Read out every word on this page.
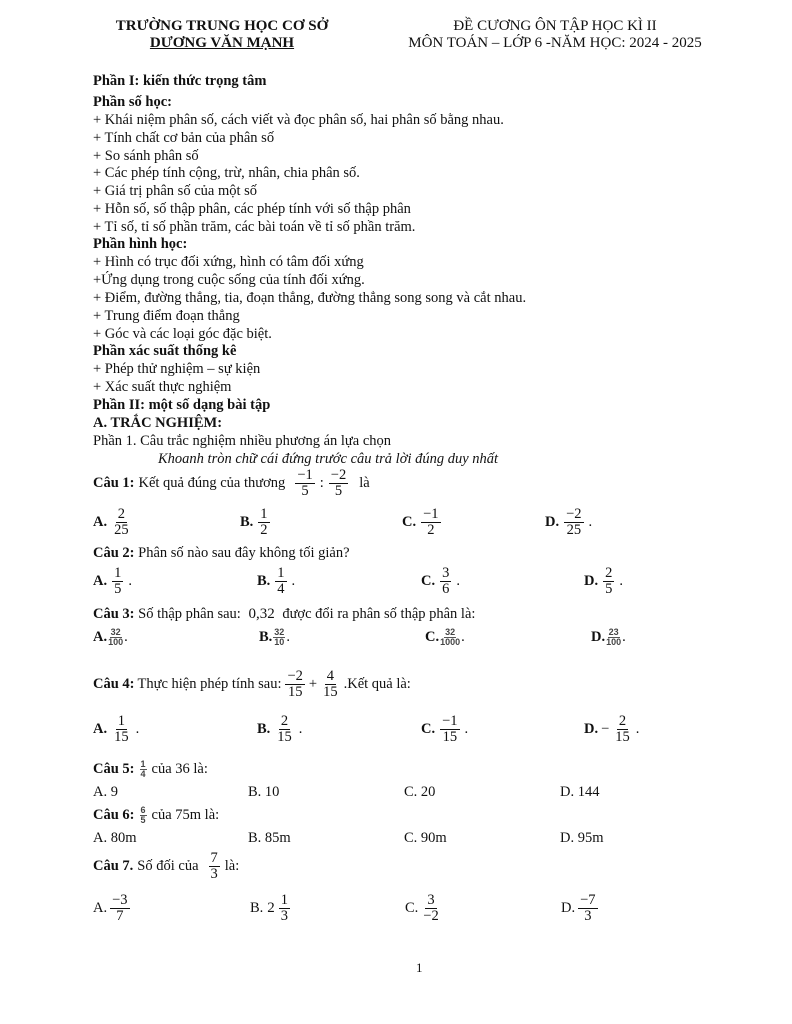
TRƯỜNG TRUNG HỌC CƠ SỞ
DƯƠNG VĂN MẠNH
ĐỀ CƯƠNG ÔN TẬP HỌC KÌ II
MÔN TOÁN – LỚP 6 -NĂM HỌC: 2024 - 2025
Phần I: kiến thức trọng tâm
Phần số học:
+ Khái niệm phân số, cách viết và đọc phân số, hai phân số bằng nhau.
+ Tính chất cơ bản của phân số
+ So sánh phân số
+ Các phép tính cộng, trừ, nhân, chia phân số.
+ Giá trị phân số của một số
+ Hỗn số, số thập phân, các phép tính với số thập phân
+ Tỉ số, tỉ số phần trăm, các bài toán về tỉ số phần trăm.
Phần hình học:
+ Hình có trục đối xứng, hình có tâm đối xứng
+Ứng dụng trong cuộc sống của tính đối xứng.
+ Điểm, đường thẳng, tia, đoạn thẳng, đường thẳng song song và cắt nhau.
+ Trung điểm đoạn thẳng
+ Góc và các loại góc đặc biệt.
Phần xác suất thống kê
+ Phép thử nghiệm – sự kiện
+ Xác suất thực nghiệm
Phần II: một số dạng bài tập
A. TRẮC NGHIỆM:
Phần 1. Câu trắc nghiệm nhiều phương án lựa chọn
Khoanh tròn chữ cái đứng trước câu trả lời đúng duy nhất
Câu 1: Kết quả đúng của thương $\frac{-1}{5}$ : $\frac{-2}{5}$ là
A. $\frac{2}{25}$	B. $\frac{1}{2}$	C. $\frac{-1}{2}$	D. $\frac{-2}{25}$ .
Câu 2: Phân số nào sau đây không tối giản?
A. $\frac{1}{5}$ .	B. $\frac{1}{4}$ .	C. $\frac{3}{6}$ .	D. $\frac{2}{5}$ .
Câu 3: Số thập phân sau: 0,32 được đổi ra phân số thập phân là:
A. $\frac{32}{100}$ .	B. $\frac{32}{10}$ .	C. $\frac{32}{1000}$ .	D. $\frac{23}{100}$ .
Câu 4: Thực hiện phép tính sau: $\frac{-2}{15} + \frac{4}{15}$ .Kết quả là:
A. $\frac{1}{15}$ .	B. $\frac{2}{15}$ .	C. $\frac{-1}{15}$ .	D. − $\frac{2}{15}$ .
Câu 5: $\frac{1}{4}$ của 36 là:
A. 9	B. 10	C. 20	D. 144
Câu 6: $\frac{6}{5}$ của 75m là:
A. 80m	B. 85m	C. 90m	D. 95m
Câu 7. Số đối của $\frac{7}{3}$ là:
A. $\frac{-3}{7}$	B. $2 \frac{1}{3}$	C. $\frac{3}{-2}$	D. $\frac{-7}{3}$
1
